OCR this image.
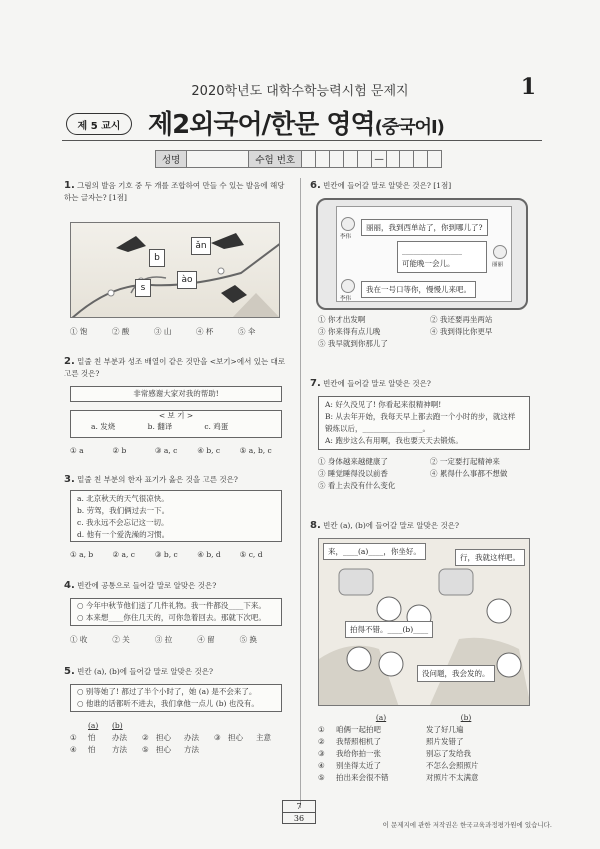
2020학년도 대학수학능력시험 문제지	1
제 5 교시	제2외국어/한문 영역(중국어Ⅰ)
성명	수험 번호	—
1. 그림의 발음 기호 중 두 개를 조합하여 만들 수 있는 발음에 해당하는 글자는? [1점]
b
ǎn
s
ào
① 饱	② 酸	③ 山	④ 杯	⑤ 伞
2. 밑줄 친 부분과 성조 배열이 같은 것만을 <보기>에서 있는 대로 고른 것은?
非常感谢大家对我的帮助!
< 보 기 >
a. 发烧	b. 翻译	c. 鸡蛋
① a	② b	③ a, c	④ b, c	⑤ a, b, c
3. 밑줄 친 부분의 한자 표기가 옳은 것을 고른 것은?
a. 北京秋天的天气很凉快。
b. 劳驾，我们俩过去一下。
c. 我永远不会忘记这一切。
d. 他有一个爱洗澡的习惯。
① a, b	② a, c	③ b, c	④ b, d	⑤ c, d
4. 빈칸에 공통으로 들어갈 말로 알맞은 것은?
○ 今年中秋节他们送了几件礼物。我一件都没____下来。
○ 本来想____你住几天的，可你急着回去。那就下次吧。
① 收	② 关	③ 拉	④ 留	⑤ 换
5. 빈칸 (a), (b)에 들어갈 말로 알맞은 것은?
○ 别等她了! 都过了半个小时了，她 (a) 是不会来了。
○ 他谁的话都听不进去，我们拿他一点儿 (b) 也没有。
(a)	(b)
①	怕	办法 ② 担心	办法 ③ 担心	主意
④	怕	方法 ⑤ 担心	方法
6. 빈칸에 들어갈 말로 알맞은 것은? [1점]
李伟
丽丽，我到西单站了，你到哪儿了?
________________
可能晚一会儿。	丽丽
李伟
我在一号口等你，慢慢儿来吧。
① 你才出发啊	② 我还要再坐两站
③ 你来得有点儿晚	④ 我到得比你更早
⑤ 我早就到你那儿了
7. 빈칸에 들어갈 말로 알맞은 것은?
A: 好久没见了! 你看起来很精神啊!
B: 从去年开始，我每天早上都去跑一个小时的步，就这样
锻炼以后，________________。
A: 跑步这么有用啊，我也要天天去锻炼。
① 身体越来越健康了	② 一定要打起精神来
③ 睡觉睡得没以前香	④ 累得什么事都不想做
⑤ 看上去没有什么变化
8. 빈칸 (a), (b)에 들어갈 말로 알맞은 것은?
来，____(a)____，你坐好。
行，我就这样吧。
拍得不错。____(b)____
没问题，我会发的。
(a)	(b)
①	咱俩一起拍吧	发了好几遍
②	我帮照相机了	照片发错了
③	我给你拍一张	别忘了发给我
④	别坐得太近了	不怎么会照照片
⑤	拍出来会很不错	对照片不太满意
7
36
이 문제지에 관한 저작권은 한국교육과정평가원에 있습니다.
